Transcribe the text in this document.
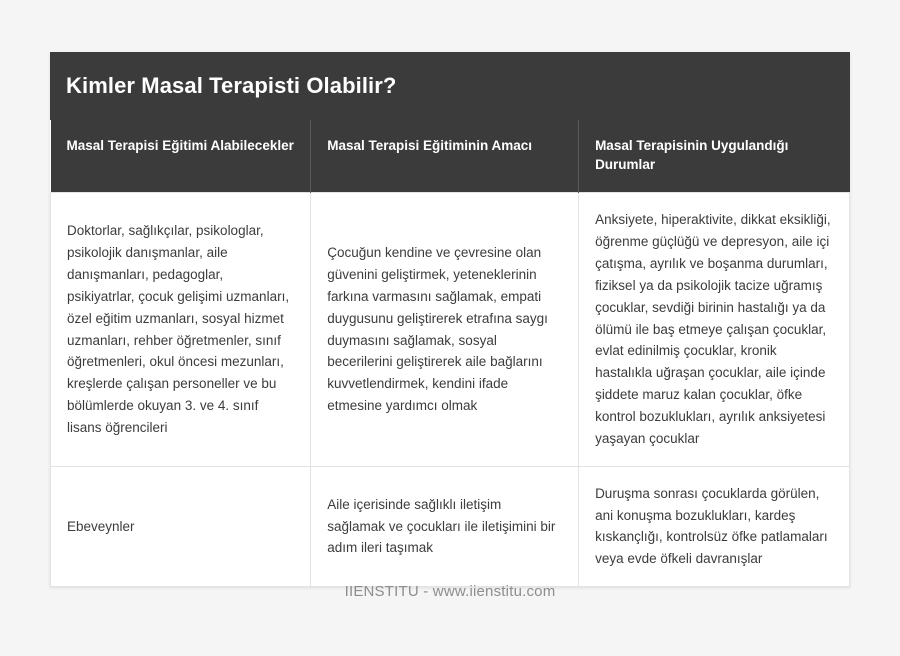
Kimler Masal Terapisti Olabilir?
Masal Terapisi Eğitimi Alabilecekler	Masal Terapisi Eğitiminin Amacı	Masal Terapisinin Uygulandığı Durumlar
Doktorlar, sağlıkçılar, psikologlar, psikolojik danışmanlar, aile danışmanları, pedagoglar, psikiyatrlar, çocuk gelişimi uzmanları, özel eğitim uzmanları, sosyal hizmet uzmanları, rehber öğretmenler, sınıf öğretmenleri, okul öncesi mezunları, kreşlerde çalışan personeller ve bu bölümlerde okuyan 3. ve 4. sınıf lisans öğrencileri	Çocuğun kendine ve çevresine olan güvenini geliştirmek, yeteneklerinin farkına varmasını sağlamak, empati duygusunu geliştirerek etrafına saygı duymasını sağlamak, sosyal becerilerini geliştirerek aile bağlarını kuvvetlendirmek, kendini ifade etmesine yardımcı olmak	Anksiyete, hiperaktivite, dikkat eksikliği, öğrenme güçlüğü ve depresyon, aile içi çatışma, ayrılık ve boşanma durumları, fiziksel ya da psikolojik tacize uğramış çocuklar, sevdiği birinin hastalığı ya da ölümü ile baş etmeye çalışan çocuklar, evlat edinilmiş çocuklar, kronik hastalıkla uğraşan çocuklar, aile içinde şiddete maruz kalan çocuklar, öfke kontrol bozuklukları, ayrılık anksiyetesi yaşayan çocuklar
Ebeveynler	Aile içerisinde sağlıklı iletişim sağlamak ve çocukları ile iletişimini bir adım ileri taşımak	Duruşma sonrası çocuklarda görülen, ani konuşma bozuklukları, kardeş kıskançlığı, kontrolsüz öfke patlamaları veya evde öfkeli davranışlar
IIENSTITU - www.iienstitu.com
